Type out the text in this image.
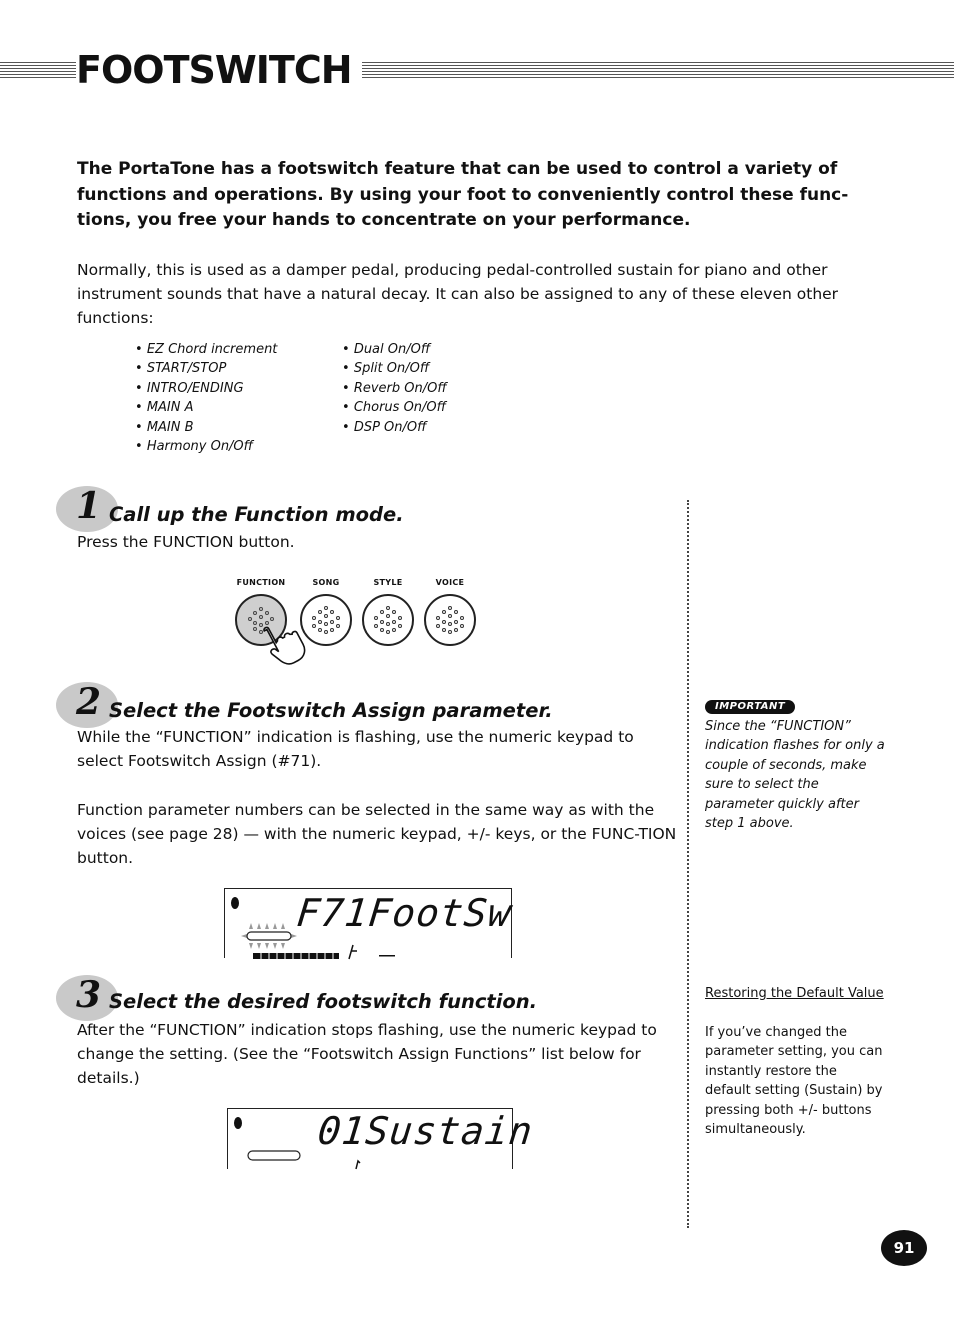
FOOTSWITCH

The PortaTone has a footswitch feature that can be used to control a variety of functions and operations. By using your foot to conveniently control these func-tions, you free your hands to concentrate on your performance.

Normally, this is used as a damper pedal, producing pedal-controlled sustain for piano and other instrument sounds that have a natural decay. It can also be assigned to any of these eleven other functions:

• EZ Chord increment
• START/STOP
• INTRO/ENDING
• MAIN A
• MAIN B
• Harmony On/Off
• Dual On/Off
• Split On/Off
• Reverb On/Off
• Chorus On/Off
• DSP On/Off
1 Call up the Function mode.

Press the FUNCTION button.

FUNCTION	SONG	STYLE	VOICE
2 Select the Footswitch Assign parameter.

While the “FUNCTION” indication is flashing, use the numeric keypad to select Footswitch Assign (#71).

Function parameter numbers can be selected in the same way as with the voices (see page 28) — with the numeric keypad, +/- keys, or the FUNC-TION button.

F71FootSw
3 Select the desired footswitch function.

After the “FUNCTION” indication stops flashing, use the numeric keypad to change the setting. (See the “Footswitch Assign Functions” list below for details.)

01Sustain
IMPORTANT

Since the “FUNCTION” indication flashes for only a couple of seconds, make sure to select the parameter quickly after step 1 above.

Restoring the Default Value

If you’ve changed the parameter setting, you can instantly restore the default setting (Sustain) by pressing both +/- buttons simultaneously.

91
